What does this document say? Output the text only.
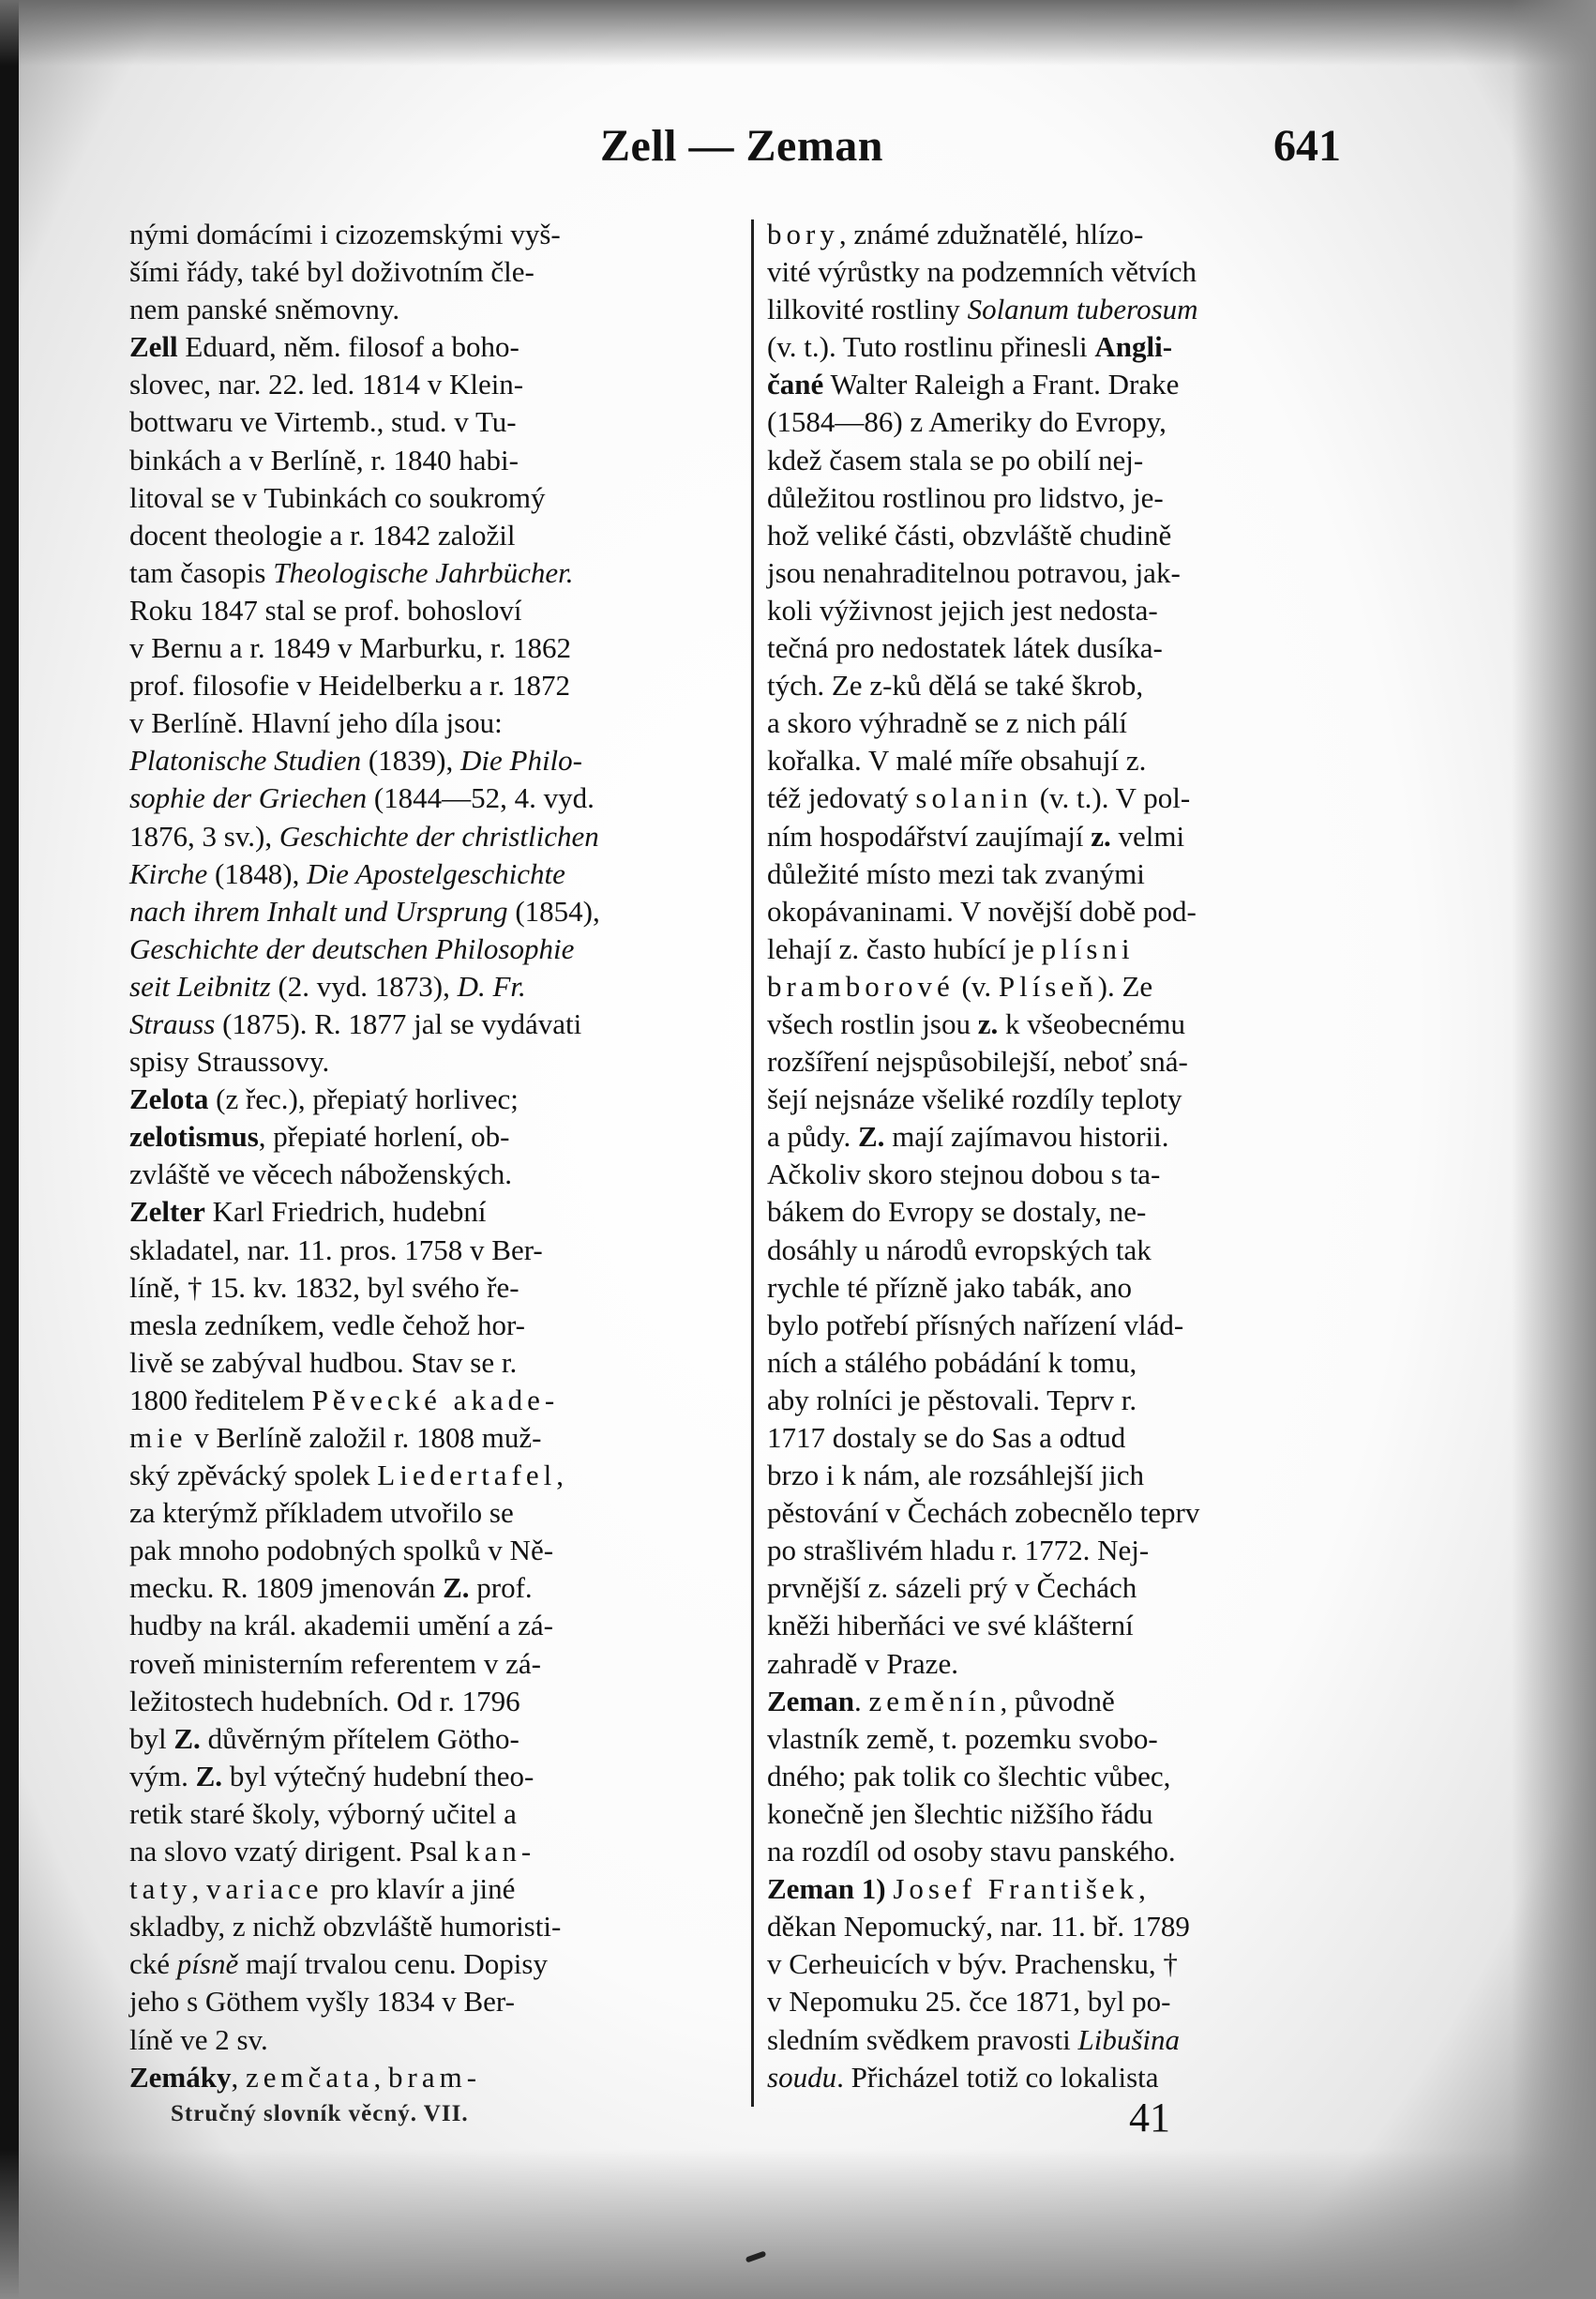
Zell — Zeman	641
nými domácími i cizozemskými vyš-
šími řády, také byl doživotním čle-
nem panské sněmovny.
Zell Eduard, něm. filosof a boho-
slovec, nar. 22. led. 1814 v Klein-
bottwaru ve Virtemb., stud. v Tu-
binkách a v Berlíně, r. 1840 habi-
litoval se v Tubinkách co soukromý
docent theologie a r. 1842 založil
tam časopis Theologische Jahrbücher.
Roku 1847 stal se prof. bohosloví
v Bernu a r. 1849 v Marburku, r. 1862
prof. filosofie v Heidelberku a r. 1872
v Berlíně. Hlavní jeho díla jsou:
Platonische Studien (1839), Die Philo-
sophie der Griechen (1844—52, 4. vyd.
1876, 3 sv.), Geschichte der christlichen
Kirche (1848), Die Apostelgeschichte
nach ihrem Inhalt und Ursprung (1854),
Geschichte der deutschen Philosophie
seit Leibnitz (2. vyd. 1873), D. Fr.
Strauss (1875). R. 1877 jal se vydávati
spisy Straussovy.
Zelota (z řec.), přepiatý horlivec;
zelotismus, přepiaté horlení, ob-
zvláště ve věcech náboženských.
Zelter Karl Friedrich, hudební
skladatel, nar. 11. pros. 1758 v Ber-
líně, † 15. kv. 1832, byl svého ře-
mesla zedníkem, vedle čehož hor-
livě se zabýval hudbou. Stav se r.
1800 ředitelem Pěvecké akade-
mie v Berlíně založil r. 1808 muž-
ský zpěvácký spolek Liedertafel,
za kterýmž příkladem utvořilo se
pak mnoho podobných spolků v Ně-
mecku. R. 1809 jmenován Z. prof.
hudby na král. akademii umění a zá-
roveň ministerním referentem v zá-
ležitostech hudebních. Od r. 1796
byl Z. důvěrným přítelem Götho-
vým. Z. byl výtečný hudební theo-
retik staré školy, výborný učitel a
na slovo vzatý dirigent. Psal kan-
taty, variace pro klavír a jiné
skladby, z nichž obzvláště humoristi-
cké písně mají trvalou cenu. Dopisy
jeho s Göthem vyšly 1834 v Ber-
líně ve 2 sv.
Zemáky, zemčata, bram-
bory, známé zdužnatělé, hlízo-
vité výrůstky na podzemních větvích
lilkovité rostliny Solanum tuberosum
(v. t.). Tuto rostlinu přinesli Angli-
čané Walter Raleigh a Frant. Drake
(1584—86) z Ameriky do Evropy,
kdež časem stala se po obilí nej-
důležitou rostlinou pro lidstvo, je-
hož veliké části, obzvláště chudině
jsou nenahraditelnou potravou, jak-
koli výživnost jejich jest nedosta-
tečná pro nedostatek látek dusíka-
tých. Ze z-ků dělá se také škrob,
a skoro výhradně se z nich pálí
kořalka. V malé míře obsahují z.
též jedovatý solanin (v. t.). V pol-
ním hospodářství zaujímají z. velmi
důležité místo mezi tak zvanými
okopávaninami. V novější době pod-
lehají z. často hubící je plísni
bramborové (v. Plíseň). Ze
všech rostlin jsou z. k všeobecnému
rozšíření nejspůsobilejší, neboť sná-
šejí nejsnáze všeliké rozdíly teploty
a půdy. Z. mají zajímavou historii.
Ačkoliv skoro stejnou dobou s ta-
bákem do Evropy se dostaly, ne-
dosáhly u národů evropských tak
rychle té přízně jako tabák, ano
bylo potřebí přísných nařízení vlád-
ních a stálého pobádání k tomu,
aby rolníci je pěstovali. Teprv r.
1717 dostaly se do Sas a odtud
brzo i k nám, ale rozsáhlejší jich
pěstování v Čechách zobecnělo teprv
po strašlivém hladu r. 1772. Nej-
prvnější z. sázeli prý v Čechách
kněži hiberňáci ve své klášterní
zahradě v Praze.
Zeman. zeměnín, původně
vlastník země, t. pozemku svobo-
dného; pak tolik co šlechtic vůbec,
konečně jen šlechtic nižšího řádu
na rozdíl od osoby stavu panského.
Zeman 1) Josef František,
děkan Nepomucký, nar. 11. bř. 1789
v Cerheuicích v býv. Prachensku, †
v Nepomuku 25. čce 1871, byl po-
sledním svědkem pravosti Libušina
soudu. Přicházel totiž co lokalista
Stručný slovník věcný. VII.	41
